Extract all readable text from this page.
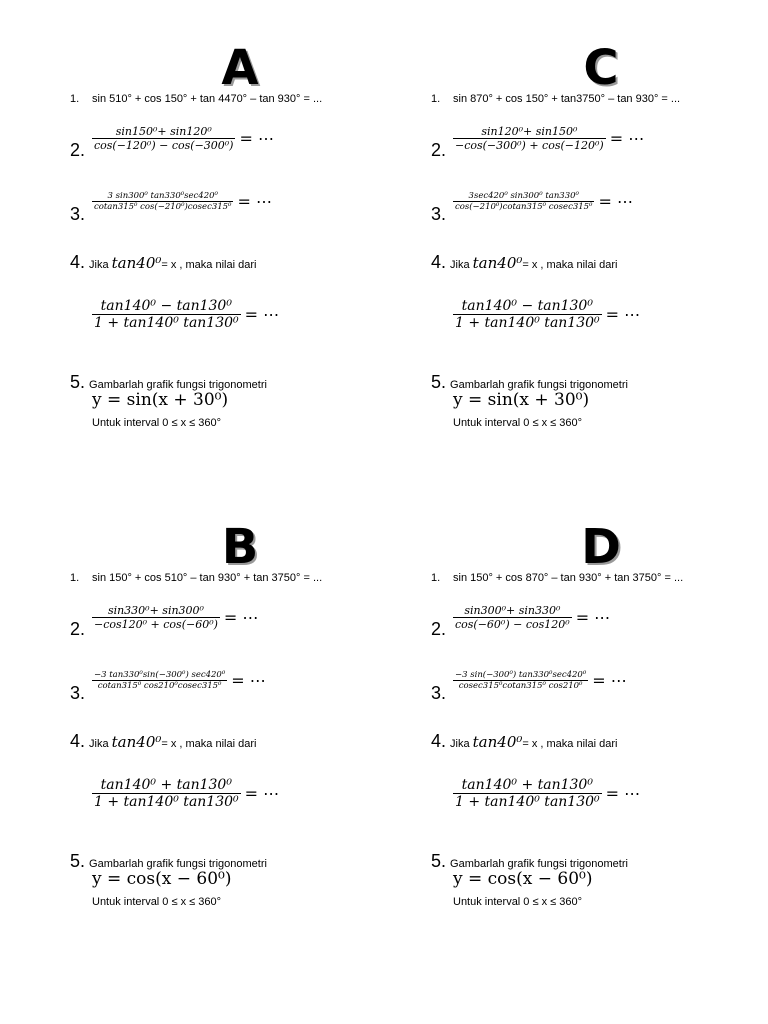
A
1. sin 510° + cos 150° + tan 4470° – tan 930° = ...
2. $\frac{\text{sin150⁰+ sin120⁰}}{\text{cos(−120⁰) − cos(−300⁰)}}$ = ⋯
3.
$\frac{\text{3 sin300⁰ tan330⁰sec420⁰}}{\text{cotan315⁰ cos(−210⁰)cosec315⁰}}$ = ⋯
4. Jika tan40⁰= x , maka nilai dari
$\frac{\text{tan140⁰ − tan130⁰}}{\text{1 + tan140⁰ tan130⁰}}$ = ⋯
5. Gambarlah grafik fungsi trigonometri
y = sin(x + 30⁰)
Untuk interval 0 ≤ x ≤ 360°
C
1. sin 870° + cos 150° + tan3750° – tan 930° = ...
2. $\frac{\text{sin120⁰+ sin150⁰}}{\text{−cos(−300⁰) + cos(−120⁰)}}$ = ⋯
3.
$\frac{\text{3sec420⁰ sin300⁰ tan330⁰}}{\text{cos(−210⁰)cotan315⁰ cosec315⁰}}$ = ⋯
4. Jika tan40⁰= x , maka nilai dari
$\frac{\text{tan140⁰ − tan130⁰}}{\text{1 + tan140⁰ tan130⁰}}$ = ⋯
5. Gambarlah grafik fungsi trigonometri
y = sin(x + 30⁰)
Untuk interval 0 ≤ x ≤ 360°
B
1. sin 150° + cos 510° – tan 930° + tan 3750° = ...
2. $\frac{\text{sin330⁰+ sin300⁰}}{\text{−cos120⁰ + cos(−60⁰)}}$ = ⋯
3.
$\frac{\text{−3 tan330⁰sin(−300⁰) sec420⁰}}{\text{cotan315⁰ cos210⁰cosec315⁰}}$ = ⋯
4. Jika tan40⁰= x , maka nilai dari
$\frac{\text{tan140⁰ + tan130⁰}}{\text{1 + tan140⁰ tan130⁰}}$ = ⋯
5. Gambarlah grafik fungsi trigonometri
y = cos(x − 60⁰)
Untuk interval 0 ≤ x ≤ 360°
D
1. sin 150° + cos 870° – tan 930° + tan 3750° = ...
2. $\frac{\text{sin300⁰+ sin330⁰}}{\text{cos(−60⁰) − cos120⁰}}$ = ⋯
3.
$\frac{\text{−3 sin(−300⁰) tan330⁰sec420⁰}}{\text{cosec315⁰cotan315⁰ cos210⁰}}$ = ⋯
4. Jika tan40⁰= x , maka nilai dari
$\frac{\text{tan140⁰ + tan130⁰}}{\text{1 + tan140⁰ tan130⁰}}$ = ⋯
5. Gambarlah grafik fungsi trigonometri
y = cos(x − 60⁰)
Untuk interval 0 ≤ x ≤ 360°
